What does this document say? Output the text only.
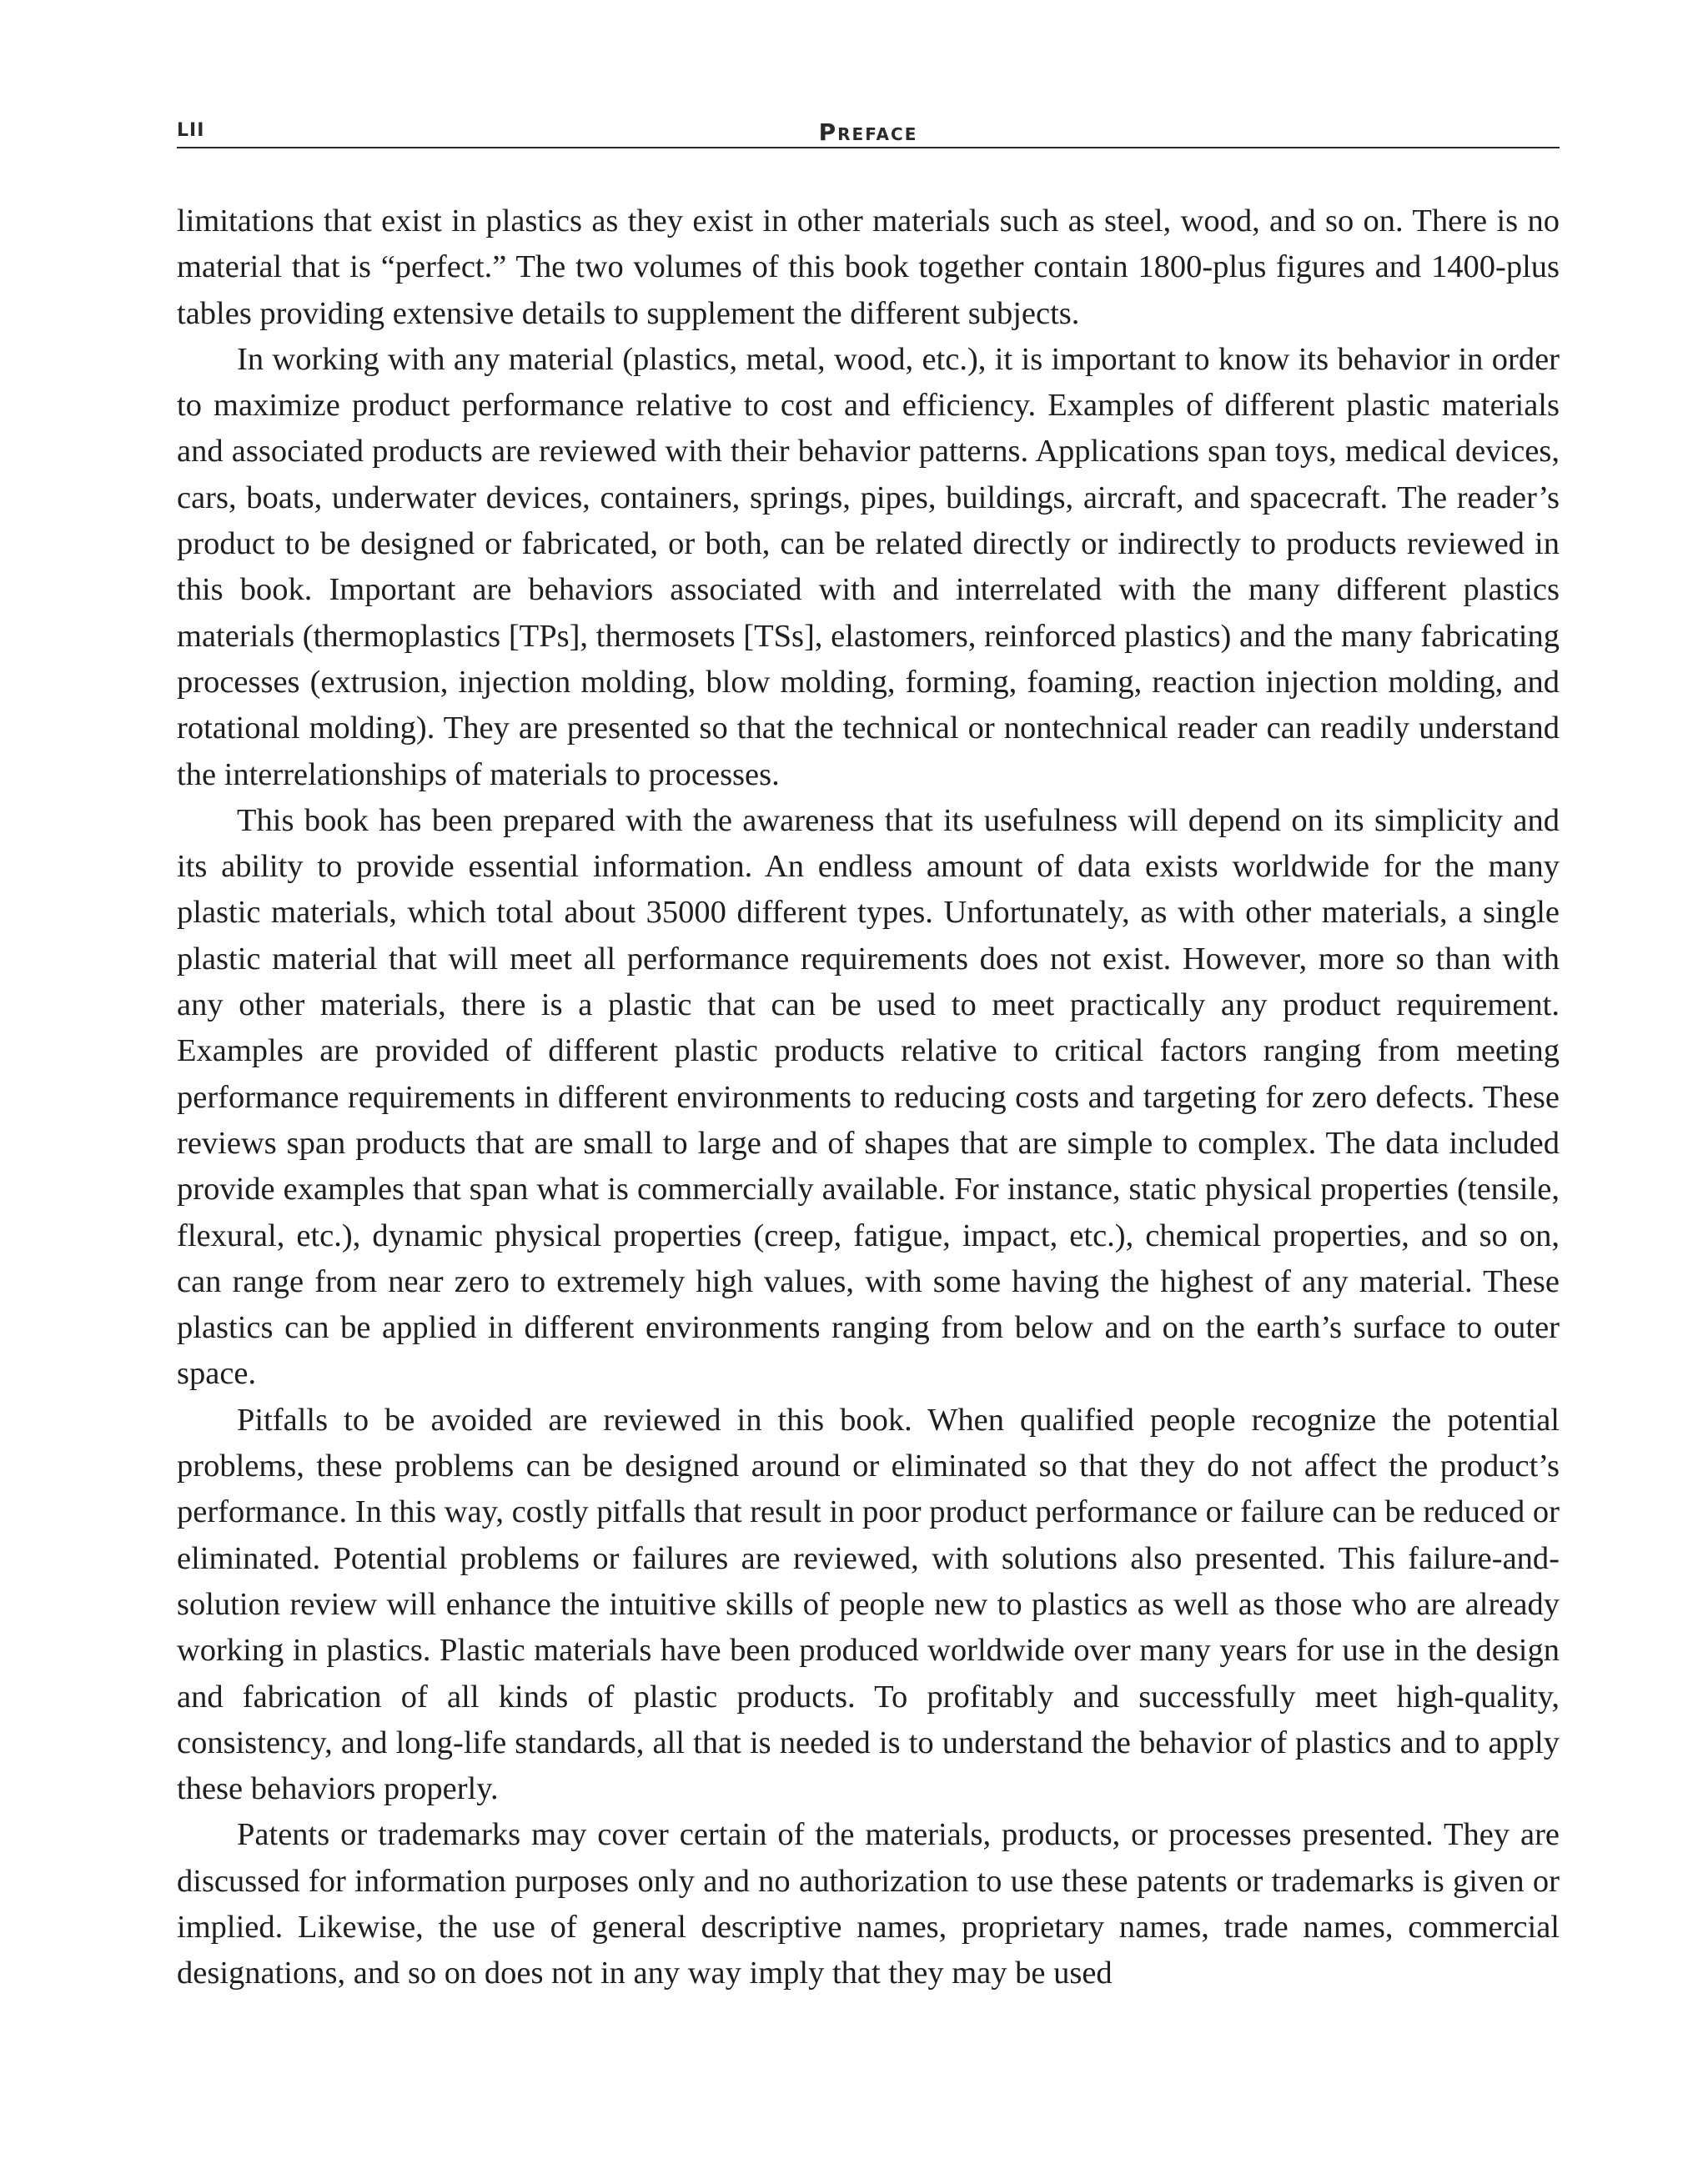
LII	Preface

limitations that exist in plastics as they exist in other materials such as steel, wood, and so on. There is no material that is “perfect.” The two volumes of this book together contain 1800-plus figures and 1400-plus tables providing extensive details to supplement the different subjects.

In working with any material (plastics, metal, wood, etc.), it is important to know its behavior in order to maximize product performance relative to cost and efficiency. Examples of different plastic materials and associated products are reviewed with their behavior patterns. Applications span toys, medical devices, cars, boats, underwater devices, containers, springs, pipes, buildings, aircraft, and spacecraft. The reader’s product to be designed or fabricated, or both, can be related directly or indirectly to products reviewed in this book. Important are behaviors associated with and interrelated with the many different plastics materials (thermoplastics [TPs], thermosets [TSs], elastomers, reinforced plastics) and the many fabricating processes (extrusion, injection molding, blow molding, forming, foaming, reaction injection molding, and rotational molding). They are presented so that the technical or nontechnical reader can readily understand the interrelationships of materials to processes.

This book has been prepared with the awareness that its usefulness will depend on its simplicity and its ability to provide essential information. An endless amount of data exists worldwide for the many plastic materials, which total about 35000 different types. Unfortunately, as with other materials, a single plastic material that will meet all performance requirements does not exist. However, more so than with any other materials, there is a plastic that can be used to meet practically any product requirement. Examples are provided of different plastic products relative to critical factors ranging from meeting performance requirements in different environments to reducing costs and targeting for zero defects. These reviews span products that are small to large and of shapes that are simple to complex. The data included provide examples that span what is commercially available. For instance, static physical properties (tensile, flexural, etc.), dynamic physical properties (creep, fatigue, impact, etc.), chemical properties, and so on, can range from near zero to extremely high values, with some having the highest of any material. These plastics can be applied in different environments ranging from below and on the earth’s surface to outer space.

Pitfalls to be avoided are reviewed in this book. When qualified people recognize the potential problems, these problems can be designed around or eliminated so that they do not affect the product’s performance. In this way, costly pitfalls that result in poor product performance or failure can be reduced or eliminated. Potential problems or failures are reviewed, with solutions also presented. This failure-and-solution review will enhance the intuitive skills of people new to plastics as well as those who are already working in plastics. Plastic materials have been produced worldwide over many years for use in the design and fabrication of all kinds of plastic products. To profitably and successfully meet high-quality, consistency, and long-life standards, all that is needed is to understand the behavior of plastics and to apply these behaviors properly.

Patents or trademarks may cover certain of the materials, products, or processes presented. They are discussed for information purposes only and no authorization to use these patents or trademarks is given or implied. Likewise, the use of general descriptive names, proprietary names, trade names, commercial designations, and so on does not in any way imply that they may be used
